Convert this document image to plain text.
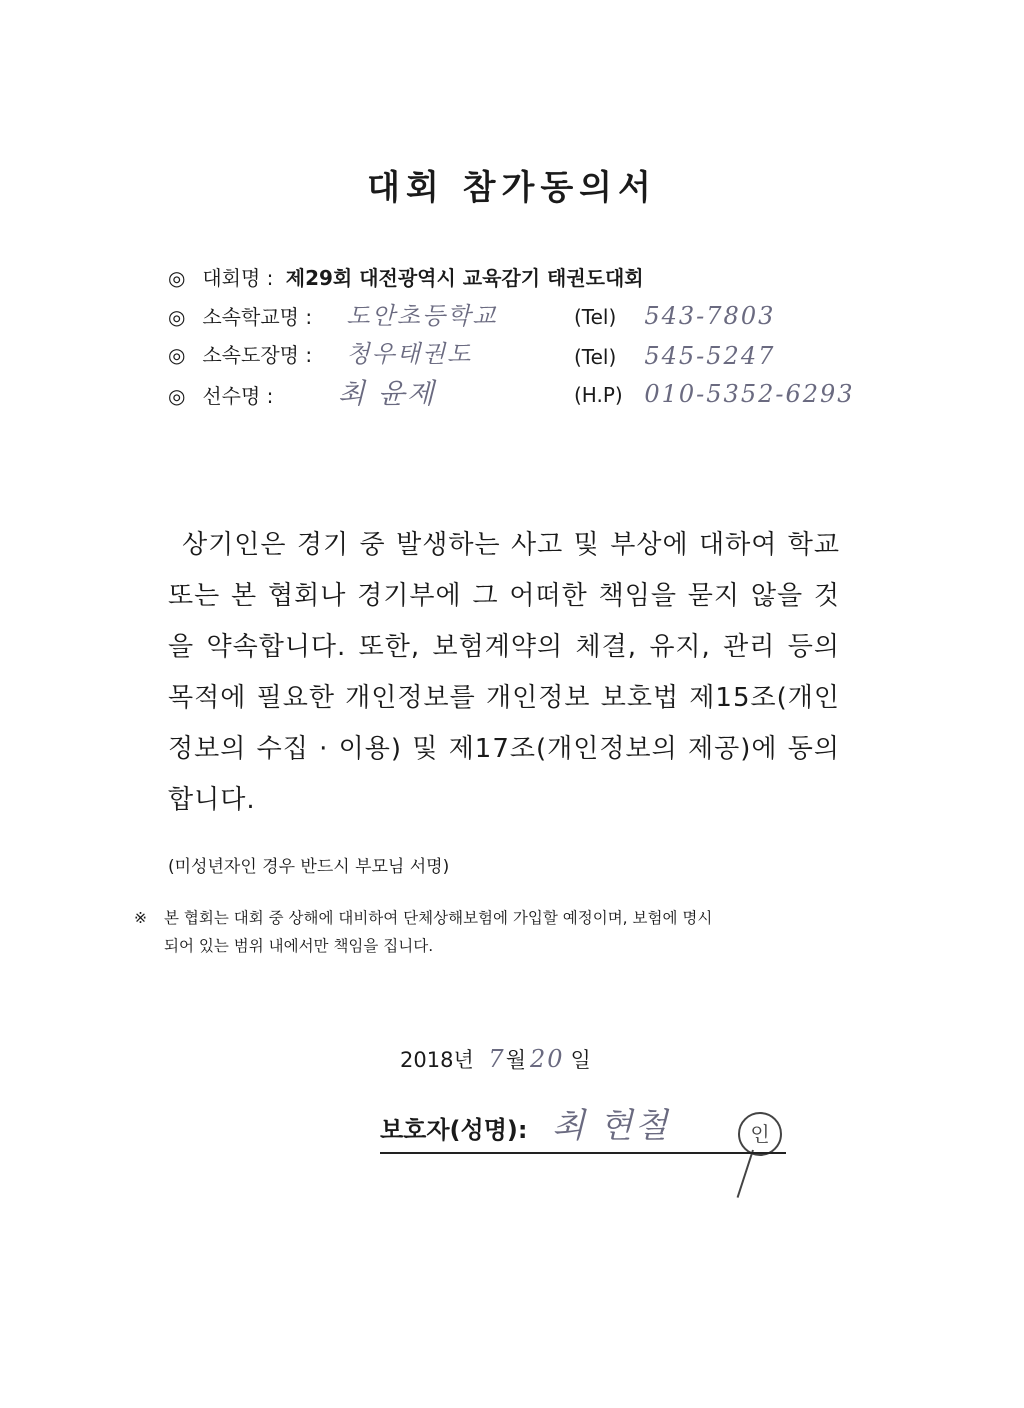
대회 참가동의서
◎ 대회명 : 제29회 대전광역시 교육감기 태권도대회
◎ 소속학교명 : 도안초등학교	(Tel) 543-7803
◎ 소속도장명 : 청우태권도	(Tel) 545-5247
◎ 선수명 : 최 윤제	(H.P) 010-5352-6293
상기인은 경기 중 발생하는 사고 및 부상에 대하여 학교 또는 본 협회나 경기부에 그 어떠한 책임을 묻지 않을 것을 약속합니다. 또한, 보험계약의 체결, 유지, 관리 등의 목적에 필요한 개인정보를 개인정보 보호법 제15조(개인정보의 수집 · 이용) 및 제17조(개인정보의 제공)에 동의합니다.
(미성년자인 경우 반드시 부모님 서명)
※ 본 협회는 대회 중 상해에 대비하여 단체상해보험에 가입할 예정이며, 보험에 명시
되어 있는 범위 내에서만 책임을 집니다.
2018년 7월 20 일
보호자(성명): 최 현철	인
